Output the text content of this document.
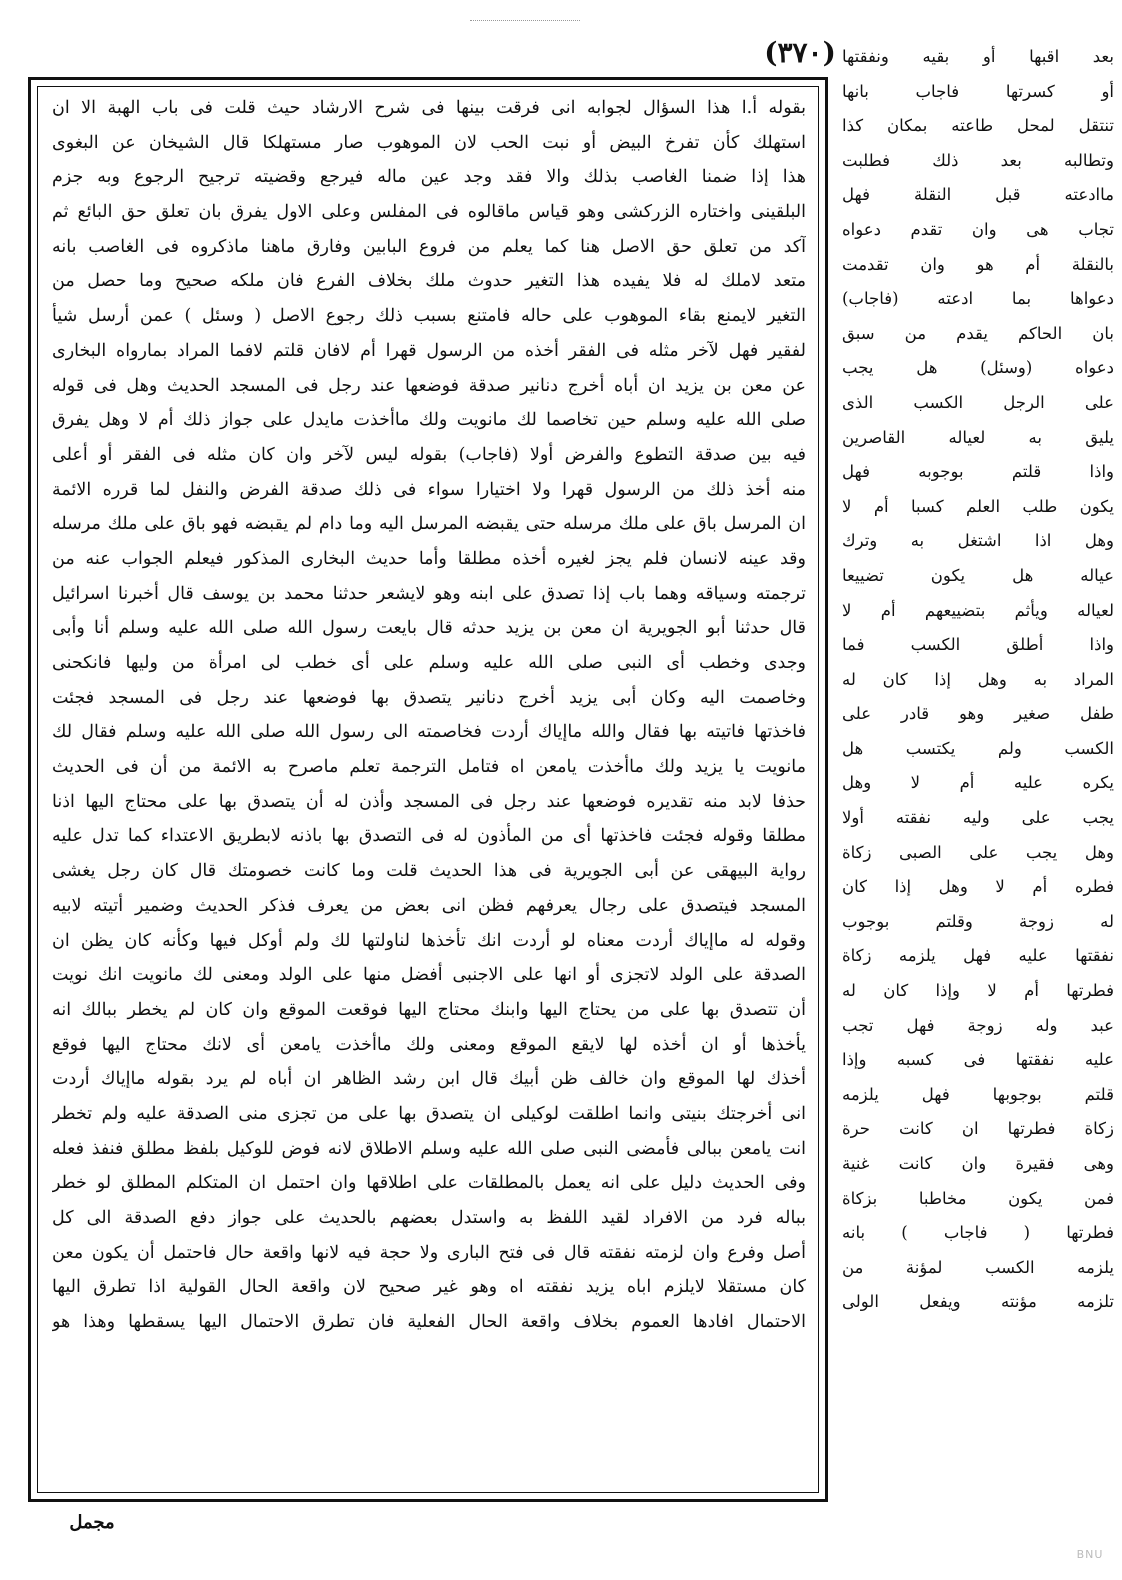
(٣٧٠)
بقوله أ.ا هذا السؤال لجوابه انى فرقت بينها فى شرح الارشاد حيث قلت فى باب الهبة الا ان
استهلك كأن تفرخ البيض أو نبت الحب لان الموهوب صار مستهلكا قال الشيخان عن البغوى
هذا إذا ضمنا الغاصب بذلك والا فقد وجد عين ماله فيرجع وقضيته ترجيح الرجوع وبه جزم
البلقينى واختاره الزركشى وهو قياس ماقالوه فى المفلس وعلى الاول يفرق بان تعلق حق البائع ثم
آكد من تعلق حق الاصل هنا كما يعلم من فروع البابين وفارق ماهنا ماذكروه فى الغاصب بانه
متعد لاملك له فلا يفيده هذا التغير حدوث ملك بخلاف الفرع فان ملكه صحيح وما حصل من
التغير لايمنع بقاء الموهوب على حاله فامتنع بسبب ذلك رجوع الاصل ( وسئل ) عمن أرسل شيأ
لفقير فهل لآخر مثله فى الفقر أخذه من الرسول قهرا أم لافان قلتم لافما المراد بمارواه البخارى
عن معن بن يزيد ان أباه أخرج دنانير صدقة فوضعها عند رجل فى المسجد الحديث وهل فى قوله
صلى الله عليه وسلم حين تخاصما لك مانويت ولك ماأخذت مايدل على جواز ذلك أم لا وهل يفرق
فيه بين صدقة التطوع والفرض أولا (فاجاب) بقوله ليس لآخر وان كان مثله فى الفقر أو أعلى
منه أخذ ذلك من الرسول قهرا ولا اختيارا سواء فى ذلك صدقة الفرض والنفل لما قرره الائمة
ان المرسل باق على ملك مرسله حتى يقبضه المرسل اليه وما دام لم يقبضه فهو باق على ملك مرسله
وقد عينه لانسان فلم يجز لغيره أخذه مطلقا وأما حديث البخارى المذكور فيعلم الجواب عنه من
ترجمته وسياقه وهما باب إذا تصدق على ابنه وهو لايشعر حدثنا محمد بن يوسف قال أخبرنا اسرائيل
قال حدثنا أبو الجويرية ان معن بن يزيد حدثه قال بايعت رسول الله صلى الله عليه وسلم أنا وأبى
وجدى وخطب أى النبى صلى الله عليه وسلم على أى خطب لى امرأة من وليها فانكحنى
وخاصمت اليه وكان أبى يزيد أخرج دنانير يتصدق بها فوضعها عند رجل فى المسجد فجئت
فاخذتها فاتيته بها فقال والله ماإياك أردت فخاصمته الى رسول الله صلى الله عليه وسلم فقال لك
مانويت يا يزيد ولك ماأخذت يامعن اه فتامل الترجمة تعلم ماصرح به الائمة من أن فى الحديث
حذفا لابد منه تقديره فوضعها عند رجل فى المسجد وأذن له أن يتصدق بها على محتاج اليها اذنا
مطلقا وقوله فجئت فاخذتها أى من المأذون له فى التصدق بها باذنه لابطريق الاعتداء كما تدل عليه
رواية البيهقى عن أبى الجويرية فى هذا الحديث قلت وما كانت خصومتك قال كان رجل يغشى
المسجد فيتصدق على رجال يعرفهم فظن انى بعض من يعرف فذكر الحديث وضمير أتيته لابيه
وقوله له ماإياك أردت معناه لو أردت انك تأخذها لناولتها لك ولم أوكل فيها وكأنه كان يظن ان
الصدقة على الولد لاتجزى أو انها على الاجنبى أفضل منها على الولد ومعنى لك مانويت انك نويت
أن تتصدق بها على من يحتاج اليها وابنك محتاج اليها فوقعت الموقع وان كان لم يخطر ببالك انه
يأخذها أو ان أخذه لها لايقع الموقع ومعنى ولك ماأخذت يامعن أى لانك محتاج اليها فوقع
أخذك لها الموقع وان خالف ظن أبيك قال ابن رشد الظاهر ان أباه لم يرد بقوله ماإياك أردت
انى أخرجتك بنيتى وانما اطلقت لوكيلى ان يتصدق بها على من تجزى منى الصدقة عليه ولم تخطر
انت يامعن ببالى فأمضى النبى صلى الله عليه وسلم الاطلاق لانه فوض للوكيل بلفظ مطلق فنفذ فعله
وفى الحديث دليل على انه يعمل بالمطلقات على اطلاقها وان احتمل ان المتكلم المطلق لو خطر
بباله فرد من الافراد لقيد اللفظ به واستدل بعضهم بالحديث على جواز دفع الصدقة الى كل
أصل وفرع وان لزمته نفقته قال فى فتح البارى ولا حجة فيه لانها واقعة حال فاحتمل أن يكون معن
كان مستقلا لايلزم اباه يزيد نفقته اه وهو غير صحيح لان واقعة الحال القولية اذا تطرق اليها
الاحتمال افادها العموم بخلاف واقعة الحال الفعلية فان تطرق الاحتمال اليها يسقطها وهذا هو
بعد اقبها أو بقيه ونفقتها
أو كسرتها فاجاب بانها
تنتقل لمحل طاعته بمكان كذا
وتطالبه بعد ذلك فطلبت
ماادعته قبل النقلة فهل
تجاب هى وان تقدم دعواه
بالنقلة أم هو وان تقدمت
دعواها بما ادعته (فاجاب)
بان الحاكم يقدم من سبق
دعواه (وسئل) هل يجب
على الرجل الكسب الذى
يليق به لعياله القاصرين
واذا قلتم بوجوبه فهل
يكون طلب العلم كسبا أم لا
وهل اذا اشتغل به وترك
عياله هل يكون تضييعا
لعياله ويأثم بتضييعهم أم لا
واذا أطلق الكسب فما
المراد به وهل إذا كان له
طفل صغير وهو قادر على
الكسب ولم يكتسب هل
يكره عليه أم لا وهل
يجب على وليه نفقته أولا
وهل يجب على الصبى زكاة
فطره أم لا وهل إذا كان
له زوجة وقلتم بوجوب
نفقتها عليه فهل يلزمه زكاة
فطرتها أم لا وإذا كان له
عبد وله زوجة فهل تجب
عليه نفقتها فى كسبه وإذا
قلتم بوجوبها فهل يلزمه
زكاة فطرتها ان كانت حرة
وهى فقيرة وان كانت غنية
فمن يكون مخاطبا بزكاة
فطرتها ( فاجاب ) بانه
يلزمه الكسب لمؤنة من
تلزمه مؤنته ويفعل الولى
مجمل
BNU
